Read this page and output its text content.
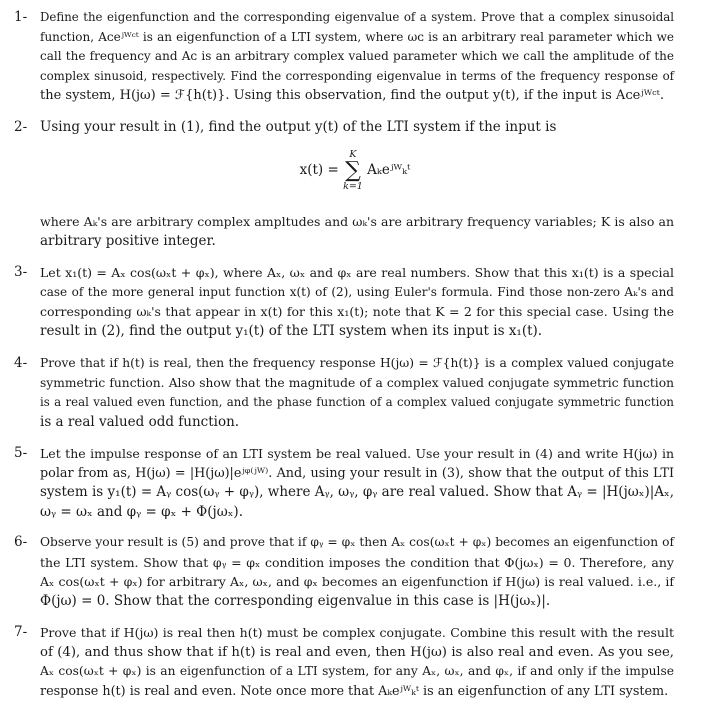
1- Define the eigenfunction and the corresponding eigenvalue of a system. Prove that a complex sinusoidal
function, Aᴄeʲᵂᶜᵗ is an eigenfunction of a LTI system, where ωᴄ is an arbitrary real parameter which we
call the frequency and Aᴄ is an arbitrary complex valued parameter which we call the amplitude of the
complex sinusoid, respectively. Find the corresponding eigenvalue in terms of the frequency response of
the system, H(jω) = ℱ{h(t)}. Using this observation, find the output y(t), if the input is Aᴄeʲᵂᶜᵗ.
2- Using your result in (1), find the output y(t) of the LTI system if the input is
x(t) =
K
∑
k=1
Aₖeʲᵂₖᵗ
where Aₖ's are arbitrary complex ampltudes and ωₖ's are arbitrary frequency variables; K is also an
arbitrary positive integer.
3- Let x₁(t) = Aₓ cos(ωₓt + φₓ), where Aₓ, ωₓ and φₓ are real numbers. Show that this x₁(t) is a special
case of the more general input function x(t) of (2), using Euler's formula. Find those non-zero Aₖ's and
corresponding ωₖ's that appear in x(t) for this x₁(t); note that K = 2 for this special case. Using the
result in (2), find the output y₁(t) of the LTI system when its input is x₁(t).
4- Prove that if h(t) is real, then the frequency response H(jω) = ℱ{h(t)} is a complex valued conjugate
symmetric function. Also show that the magnitude of a complex valued conjugate symmetric function
is a real valued even function, and the phase function of a complex valued conjugate symmetric function
is a real valued odd function.
5- Let the impulse response of an LTI system be real valued. Use your result in (4) and write H(jω) in
polar from as, H(jω) = |H(jω)|eʲᵠ⁽ʲᵂ⁾. And, using your result in (3), show that the output of this LTI
system is y₁(t) = Aᵧ cos(ωᵧ + φᵧ), where Aᵧ, ωᵧ, φᵧ are real valued. Show that Aᵧ = |H(jωₓ)|Aₓ,
ωᵧ = ωₓ and φᵧ = φₓ + Φ(jωₓ).
6- Observe your result is (5) and prove that if φᵧ = φₓ then Aₓ cos(ωₓt + φₓ) becomes an eigenfunction of
the LTI system. Show that φᵧ = φₓ condition imposes the condition that Φ(jωₓ) = 0. Therefore, any
Aₓ cos(ωₓt + φₓ) for arbitrary Aₓ, ωₓ, and φₓ becomes an eigenfunction if H(jω) is real valued. i.e., if
Φ(jω) = 0. Show that the corresponding eigenvalue in this case is |H(jωₓ)|.
7- Prove that if H(jω) is real then h(t) must be complex conjugate. Combine this result with the result
of (4), and thus show that if h(t) is real and even, then H(jω) is also real and even. As you see,
Aₓ cos(ωₓt + φₓ) is an eigenfunction of a LTI system, for any Aₓ, ωₓ, and φₓ, if and only if the impulse
response h(t) is real and even. Note once more that Aₖeʲᵂₖᵗ is an eigenfunction of any LTI system.
